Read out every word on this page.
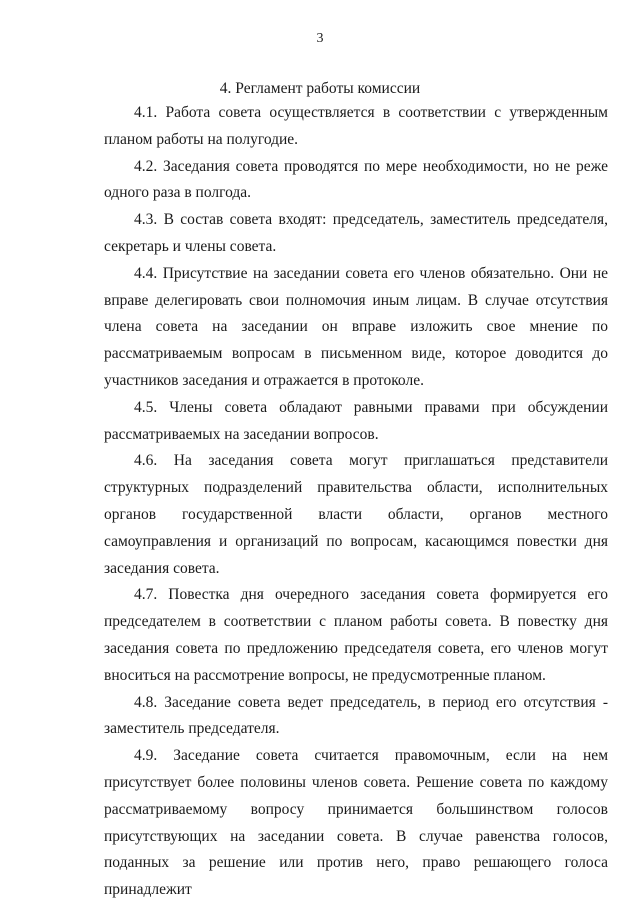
3
4. Регламент работы комиссии

4.1. Работа совета осуществляется в соответствии с утвержденным планом работы на полугодие.

4.2. Заседания совета проводятся по мере необходимости, но не реже одного раза в полгода.

4.3. В состав совета входят: председатель, заместитель председателя, секретарь и члены совета.

4.4. Присутствие на заседании совета его членов обязательно. Они не вправе делегировать свои полномочия иным лицам. В случае отсутствия члена совета на заседании он вправе изложить свое мнение по рассматриваемым вопросам в письменном виде, которое доводится до участников заседания и отражается в протоколе.

4.5. Члены совета обладают равными правами при обсуждении рассматриваемых на заседании вопросов.

4.6. На заседания совета могут приглашаться представители структурных подразделений правительства области, исполнительных органов государственной власти области, органов местного самоуправления и организаций по вопросам, касающимся повестки дня заседания совета.

4.7. Повестка дня очередного заседания совета формируется его председателем в соответствии с планом работы совета. В повестку дня заседания совета по предложению председателя совета, его членов могут вноситься на рассмотрение вопросы, не предусмотренные планом.

4.8. Заседание совета ведет председатель, в период его отсутствия - заместитель председателя.

4.9. Заседание совета считается правомочным, если на нем присутствует более половины членов совета. Решение совета по каждому рассматриваемому вопросу принимается большинством голосов присутствующих на заседании совета. В случае равенства голосов, поданных за решение или против него, право решающего голоса принадлежит
